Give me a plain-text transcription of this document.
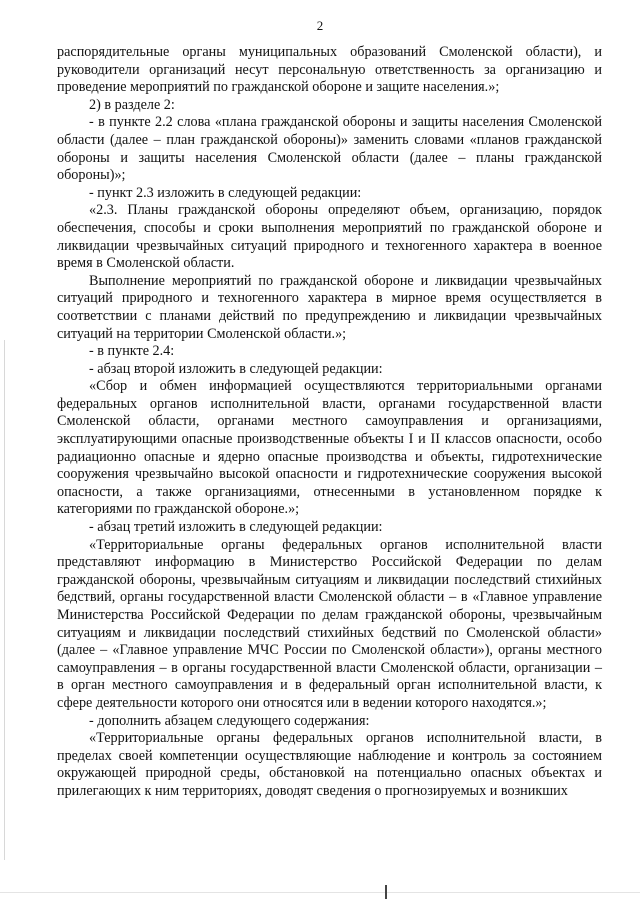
2

распорядительные органы муниципальных образований Смоленской области), и руководители организаций несут персональную ответственность за организацию и проведение мероприятий по гражданской обороне и защите населения.»;

2) в разделе 2:

- в пункте 2.2 слова «плана гражданской обороны и защиты населения Смоленской области (далее – план гражданской обороны)» заменить словами «планов гражданской обороны и защиты населения Смоленской области (далее – планы гражданской обороны)»;

- пункт 2.3 изложить в следующей редакции:

«2.3. Планы гражданской обороны определяют объем, организацию, порядок обеспечения, способы и сроки выполнения мероприятий по гражданской обороне и ликвидации чрезвычайных ситуаций природного и техногенного характера в военное время в Смоленской области.

Выполнение мероприятий по гражданской обороне и ликвидации чрезвычайных ситуаций природного и техногенного характера в мирное время осуществляется в соответствии с планами действий по предупреждению и ликвидации чрезвычайных ситуаций на территории Смоленской области.»;

- в пункте 2.4:

- абзац второй изложить в следующей редакции:

«Сбор и обмен информацией осуществляются территориальными органами федеральных органов исполнительной власти, органами государственной власти Смоленской области, органами местного самоуправления и организациями, эксплуатирующими опасные производственные объекты I и II классов опасности, особо радиационно опасные и ядерно опасные производства и объекты, гидротехнические сооружения чрезвычайно высокой опасности и гидротехнические сооружения высокой опасности, а также организациями, отнесенными в установленном порядке к категориями по гражданской обороне.»;

- абзац третий изложить в следующей редакции:

«Территориальные органы федеральных органов исполнительной власти представляют информацию в Министерство Российской Федерации по делам гражданской обороны, чрезвычайным ситуациям и ликвидации последствий стихийных бедствий, органы государственной власти Смоленской области – в «Главное управление Министерства Российской Федерации по делам гражданской обороны, чрезвычайным ситуациям и ликвидации последствий стихийных бедствий по Смоленской области» (далее – «Главное управление МЧС России по Смоленской области»), органы местного самоуправления – в органы государственной власти Смоленской области, организации – в орган местного самоуправления и в федеральный орган исполнительной власти, к сфере деятельности которого они относятся или в ведении которого находятся.»;

- дополнить абзацем следующего содержания:

«Территориальные органы федеральных органов исполнительной власти, в пределах своей компетенции осуществляющие наблюдение и контроль за состоянием окружающей природной среды, обстановкой на потенциально опасных объектах и прилегающих к ним территориях, доводят сведения о прогнозируемых и возникших
